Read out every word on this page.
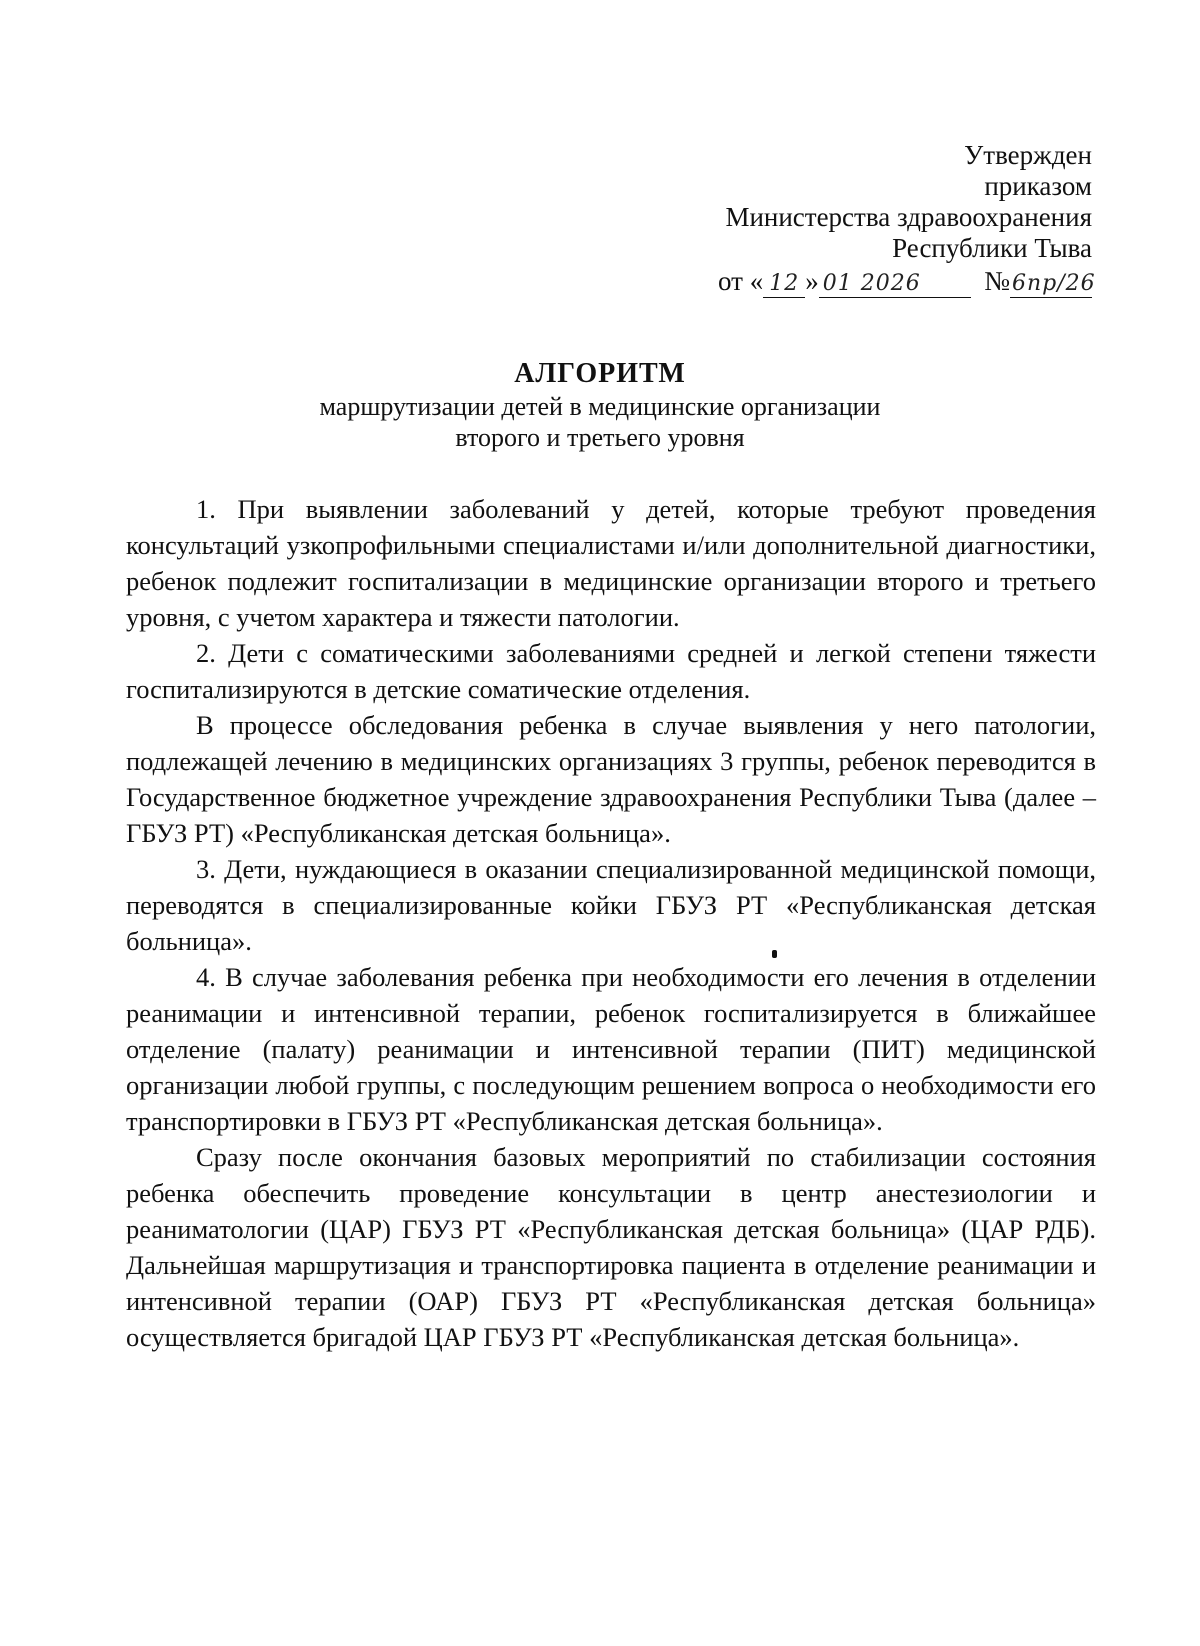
Утвержден
приказом
Министерства здравоохранения
Республики Тыва
от « 12 » 01 2026 №6пр/26
АЛГОРИТМ
маршрутизации детей в медицинские организации
второго и третьего уровня

1. При выявлении заболеваний у детей, которые требуют проведения консультаций узкопрофильными специалистами и/или дополнительной диагностики, ребенок подлежит госпитализации в медицинские организации второго и третьего уровня, с учетом характера и тяжести патологии.

2. Дети с соматическими заболеваниями средней и легкой степени тяжести госпитализируются в детские соматические отделения.

В процессе обследования ребенка в случае выявления у него патологии, подлежащей лечению в медицинских организациях 3 группы, ребенок переводится в Государственное бюджетное учреждение здравоохранения Республики Тыва (далее – ГБУЗ РТ) «Республиканская детская больница».

3. Дети, нуждающиеся в оказании специализированной медицинской помощи, переводятся в специализированные койки ГБУЗ РТ «Республиканская детская больница».

4. В случае заболевания ребенка при необходимости его лечения в отделении реанимации и интенсивной терапии, ребенок госпитализируется в ближайшее отделение (палату) реанимации и интенсивной терапии (ПИТ) медицинской организации любой группы, с последующим решением вопроса о необходимости его транспортировки в ГБУЗ РТ «Республиканская детская больница».

Сразу после окончания базовых мероприятий по стабилизации состояния ребенка обеспечить проведение консультации в центр анестезиологии и реаниматологии (ЦАР) ГБУЗ РТ «Республиканская детская больница» (ЦАР РДБ). Дальнейшая маршрутизация и транспортировка пациента в отделение реанимации и интенсивной терапии (ОАР) ГБУЗ РТ «Республиканская детская больница» осуществляется бригадой ЦАР ГБУЗ РТ «Республиканская детская больница».
